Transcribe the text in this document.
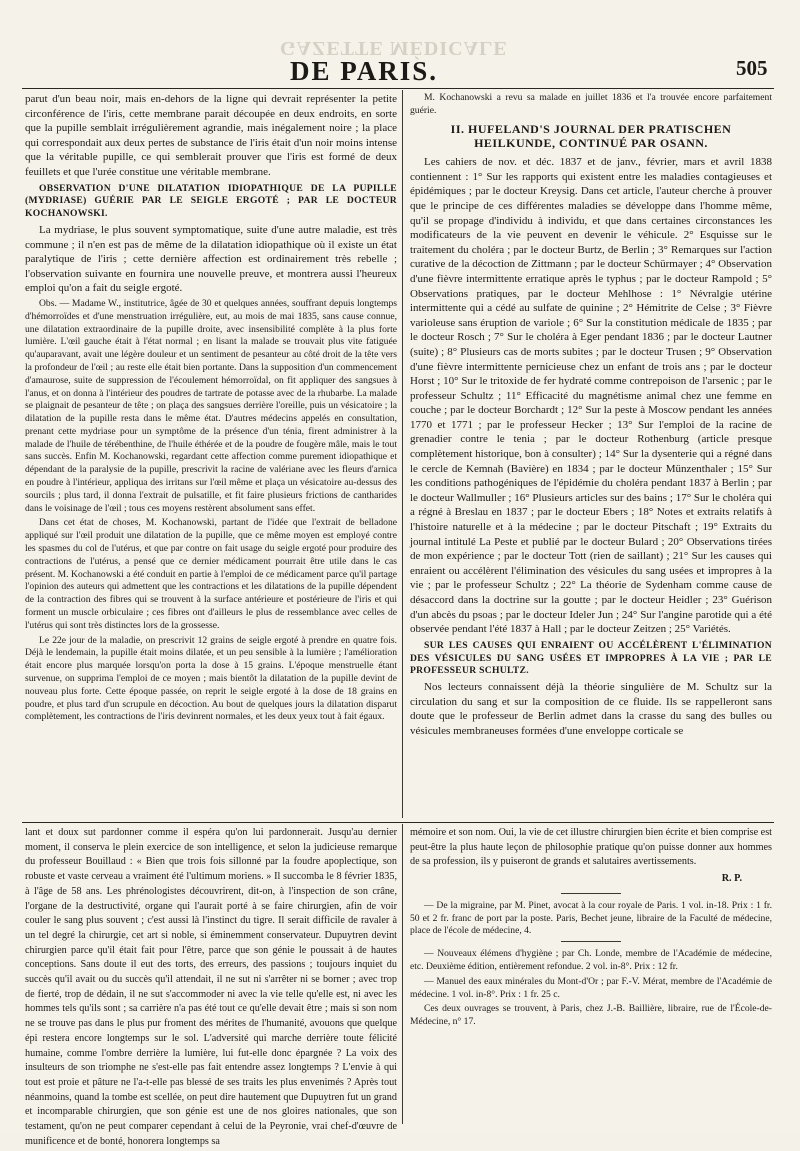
GAZETTE MÉDICALE
DE PARIS.	505

parut d'un beau noir, mais en-dehors de la ligne qui devrait représenter la petite circonférence de l'iris, cette membrane parait découpée en deux endroits, en sorte que la pupille semblait irrégulièrement agrandie, mais inégalement noire ; la place qui correspondait aux deux pertes de substance de l'iris était d'un noir moins intense que la véritable pupille, ce qui semblerait prouver que l'iris est formé de deux feuillets et que l'urée constitue une véritable membrane.

OBSERVATION D'UNE DILATATION IDIOPATHIQUE DE LA PUPILLE (MYDRIASE) GUÉRIE PAR LE SEIGLE ERGOTÉ ; PAR LE DOCTEUR KOCHANOWSKI.

La mydriase, le plus souvent symptomatique, suite d'une autre maladie, est très commune ; il n'en est pas de même de la dilatation idiopathique où il existe un état paralytique de l'iris ; cette dernière affection est ordinairement très rebelle ; l'observation suivante en fournira une nouvelle preuve, et montrera aussi l'heureux emploi qu'on a fait du seigle ergoté.

Obs. — Madame W., institutrice, âgée de 30 et quelques années, souffrant depuis longtemps d'hémorroïdes et d'une menstruation irrégulière, eut, au mois de mai 1835, sans cause connue, une dilatation extraordinaire de la pupille droite, avec insensibilité complète à la plus forte lumière. L'œil gauche était à l'état normal ; en lisant la malade se trouvait plus vite fatiguée qu'auparavant, avait une légère douleur et un sentiment de pesanteur au côté droit de la tête vers la profondeur de l'œil ; au reste elle était bien portante. Dans la supposition d'un commencement d'amaurose, suite de suppression de l'écoulement hémorroïdal, on fit appliquer des sangsues à l'anus, et on donna à l'intérieur des poudres de tartrate de potasse avec de la rhubarbe. La malade se plaignait de pesanteur de tête ; on plaça des sangsues derrière l'oreille, puis un vésicatoire ; la dilatation de la pupille resta dans le même état. D'autres médecins appelés en consultation, prenant cette mydriase pour un symptôme de la présence d'un ténia, firent administrer à la malade de l'huile de térébenthine, de l'huile éthérée et de la poudre de fougère mâle, mais le tout sans succès. Enfin M. Kochanowski, regardant cette affection comme purement idiopathique et dépendant de la paralysie de la pupille, prescrivit la racine de valériane avec les fleurs d'arnica en poudre à l'intérieur, appliqua des irritans sur l'œil même et plaça un vésicatoire au-dessus des sourcils ; plus tard, il donna l'extrait de pulsatille, et fit faire plusieurs frictions de cantharides dans le voisinage de l'œil ; tous ces moyens restèrent absolument sans effet.

Dans cet état de choses, M. Kochanowski, partant de l'idée que l'extrait de belladone appliqué sur l'œil produit une dilatation de la pupille, que ce même moyen est employé contre les spasmes du col de l'utérus, et que par contre on fait usage du seigle ergoté pour produire des contractions de l'utérus, a pensé que ce dernier médicament pourrait être utile dans le cas présent. M. Kochanowski a été conduit en partie à l'emploi de ce médicament parce qu'il partage l'opinion des auteurs qui admettent que les contractions et les dilatations de la pupille dépendent de la contraction des fibres qui se trouvent à la surface antérieure et postérieure de l'iris et qui forment un muscle orbiculaire ; ces fibres ont d'ailleurs le plus de ressemblance avec celles de l'utérus qui sont très distinctes lors de la grossesse.

Le 22e jour de la maladie, on prescrivit 12 grains de seigle ergoté à prendre en quatre fois. Déjà le lendemain, la pupille était moins dilatée, et un peu sensible à la lumière ; l'amélioration était encore plus marquée lorsqu'on porta la dose à 15 grains. L'époque menstruelle étant survenue, on supprima l'emploi de ce moyen ; mais bientôt la dilatation de la pupille devint de nouveau plus forte. Cette époque passée, on reprit le seigle ergoté à la dose de 18 grains en poudre, et plus tard d'un scrupule en décoction. Au bout de quelques jours la dilatation disparut complètement, les contractions de l'iris devinrent normales, et les deux yeux tout à fait égaux.

M. Kochanowski a revu sa malade en juillet 1836 et l'a trouvée encore parfaitement guérie.

II. HUFELAND'S JOURNAL DER PRATISCHEN HEILKUNDE, CONTINUÉ PAR OSANN.

Les cahiers de nov. et déc. 1837 et de janv., février, mars et avril 1838 contiennent : 1° Sur les rapports qui existent entre les maladies contagieuses et épidémiques ; par le docteur Kreysig. Dans cet article, l'auteur cherche à prouver que le principe de ces différentes maladies se développe dans l'homme même, qu'il se propage d'individu à individu, et que dans certaines circonstances les modificateurs de la vie peuvent en devenir le véhicule. 2° Esquisse sur le traitement du choléra ; par le docteur Burtz, de Berlin ; 3° Remarques sur l'action curative de la décoction de Zittmann ; par le docteur Schürmayer ; 4° Observation d'une fièvre intermittente erratique après le typhus ; par le docteur Rampold ; 5° Observations pratiques, par le docteur Mehlhose : 1° Névralgie utérine intermittente qui a cédé au sulfate de quinine ; 2° Hémitrite de Celse ; 3° Fièvre varioleuse sans éruption de variole ; 6° Sur la constitution médicale de 1835 ; par le docteur Rosch ; 7° Sur le choléra à Eger pendant 1836 ; par le docteur Lautner (suite) ; 8° Plusieurs cas de morts subites ; par le docteur Trusen ; 9° Observation d'une fièvre intermittente pernicieuse chez un enfant de trois ans ; par le docteur Horst ; 10° Sur le tritoxide de fer hydraté comme contrepoison de l'arsenic ; par le professeur Schultz ; 11° Efficacité du magnétisme animal chez une femme en couche ; par le docteur Borchardt ; 12° Sur la peste à Moscow pendant les années 1770 et 1771 ; par le professeur Hecker ; 13° Sur l'emploi de la racine de grenadier contre le tenia ; par le docteur Rothenburg (article presque complètement historique, bon à consulter) ; 14° Sur la dysenterie qui a régné dans le cercle de Kemnah (Bavière) en 1834 ; par le docteur Münzenthaler ; 15° Sur les conditions pathogéniques de l'épidémie du choléra pendant 1837 à Berlin ; par le docteur Wallmuller ; 16° Plusieurs articles sur des bains ; 17° Sur le choléra qui a régné à Breslau en 1837 ; par le docteur Ebers ; 18° Notes et extraits relatifs à l'histoire naturelle et à la médecine ; par le docteur Pitschaft ; 19° Extraits du journal intitulé La Peste et publié par le docteur Bulard ; 20° Observations tirées de mon expérience ; par le docteur Tott (rien de saillant) ; 21° Sur les causes qui enraient ou accélèrent l'élimination des vésicules du sang usées et impropres à la vie ; par le professeur Schultz ; 22° La théorie de Sydenham comme cause de désaccord dans la doctrine sur la goutte ; par le docteur Heidler ; 23° Guérison d'un abcès du psoas ; par le docteur Ideler Jun ; 24° Sur l'angine parotide qui a été observée pendant l'été 1837 à Hall ; par le docteur Zeitzen ; 25° Variétés.

SUR LES CAUSES QUI ENRAIENT OU ACCÉLÈRENT L'ÉLIMINATION DES VÉSICULES DU SANG USÉES ET IMPROPRES À LA VIE ; PAR LE PROFESSEUR SCHULTZ.

Nos lecteurs connaissent déjà la théorie singulière de M. Schultz sur la circulation du sang et sur la composition de ce fluide. Ils se rappelleront sans doute que le professeur de Berlin admet dans la crasse du sang des bulles ou vésicules membraneuses formées d'une enveloppe corticale se

lant et doux sut pardonner comme il espéra qu'on lui pardonnerait. Jusqu'au dernier moment, il conserva le plein exercice de son intelligence, et selon la judicieuse remarque du professeur Bouillaud : « Bien que trois fois sillonné par la foudre apoplectique, son robuste et vaste cerveau a vraiment été l'ultimum moriens. » Il succomba le 8 février 1835, à l'âge de 58 ans. Les phrénologistes découvrirent, dit-on, à l'inspection de son crâne, l'organe de la destructivité, organe qui l'aurait porté à se faire chirurgien, afin de voir couler le sang plus souvent ; c'est aussi là l'instinct du tigre. Il serait difficile de ravaler à un tel degré la chirurgie, cet art si noble, si éminemment conservateur. Dupuytren devint chirurgien parce qu'il était fait pour l'être, parce que son génie le poussait à de hautes conceptions. Sans doute il eut des torts, des erreurs, des passions ; toujours inquiet du succès qu'il avait ou du succès qu'il attendait, il ne sut ni s'arrêter ni se borner ; avec trop de fierté, trop de dédain, il ne sut s'accommoder ni avec la vie telle qu'elle est, ni avec les hommes tels qu'ils sont ; sa carrière n'a pas été tout ce qu'elle devait être ; mais si son nom ne se trouve pas dans le plus pur froment des mérites de l'humanité, avouons que quelque épi restera encore longtemps sur le sol. L'adversité qui marche derrière toute félicité humaine, comme l'ombre derrière la lumière, lui fut-elle donc épargnée ? La voix des insulteurs de son triomphe ne s'est-elle pas fait entendre assez longtemps ? L'envie à qui tout est proie et pâture ne l'a-t-elle pas blessé de ses traits les plus envenimés ? Après tout néanmoins, quand la tombe est scellée, on peut dire hautement que Dupuytren fut un grand et incomparable chirurgien, que son génie est une de nos gloires nationales, que son testament, qu'on ne peut comparer cependant à celui de la Peyronie, vrai chef-d'œuvre de munificence et de bonté, honorera longtemps sa

mémoire et son nom. Oui, la vie de cet illustre chirurgien bien écrite et bien comprise est peut-être la plus haute leçon de philosophie pratique qu'on puisse donner aux hommes de sa profession, ils y puiseront de grands et salutaires avertissements.

R. P.

— De la migraine, par M. Pinet, avocat à la cour royale de Paris. 1 vol. in-18. Prix : 1 fr. 50 et 2 fr. franc de port par la poste. Paris, Bechet jeune, libraire de la Faculté de médecine, place de l'école de médecine, 4.

— Nouveaux élémens d'hygiène ; par Ch. Londe, membre de l'Académie de médecine, etc. Deuxième édition, entièrement refondue. 2 vol. in-8°. Prix : 12 fr.

— Manuel des eaux minérales du Mont-d'Or ; par F.-V. Mérat, membre de l'Académie de médecine. 1 vol. in-8°. Prix : 1 fr. 25 c.

Ces deux ouvrages se trouvent, à Paris, chez J.-B. Baillière, libraire, rue de l'École-de-Médecine, n° 17.
